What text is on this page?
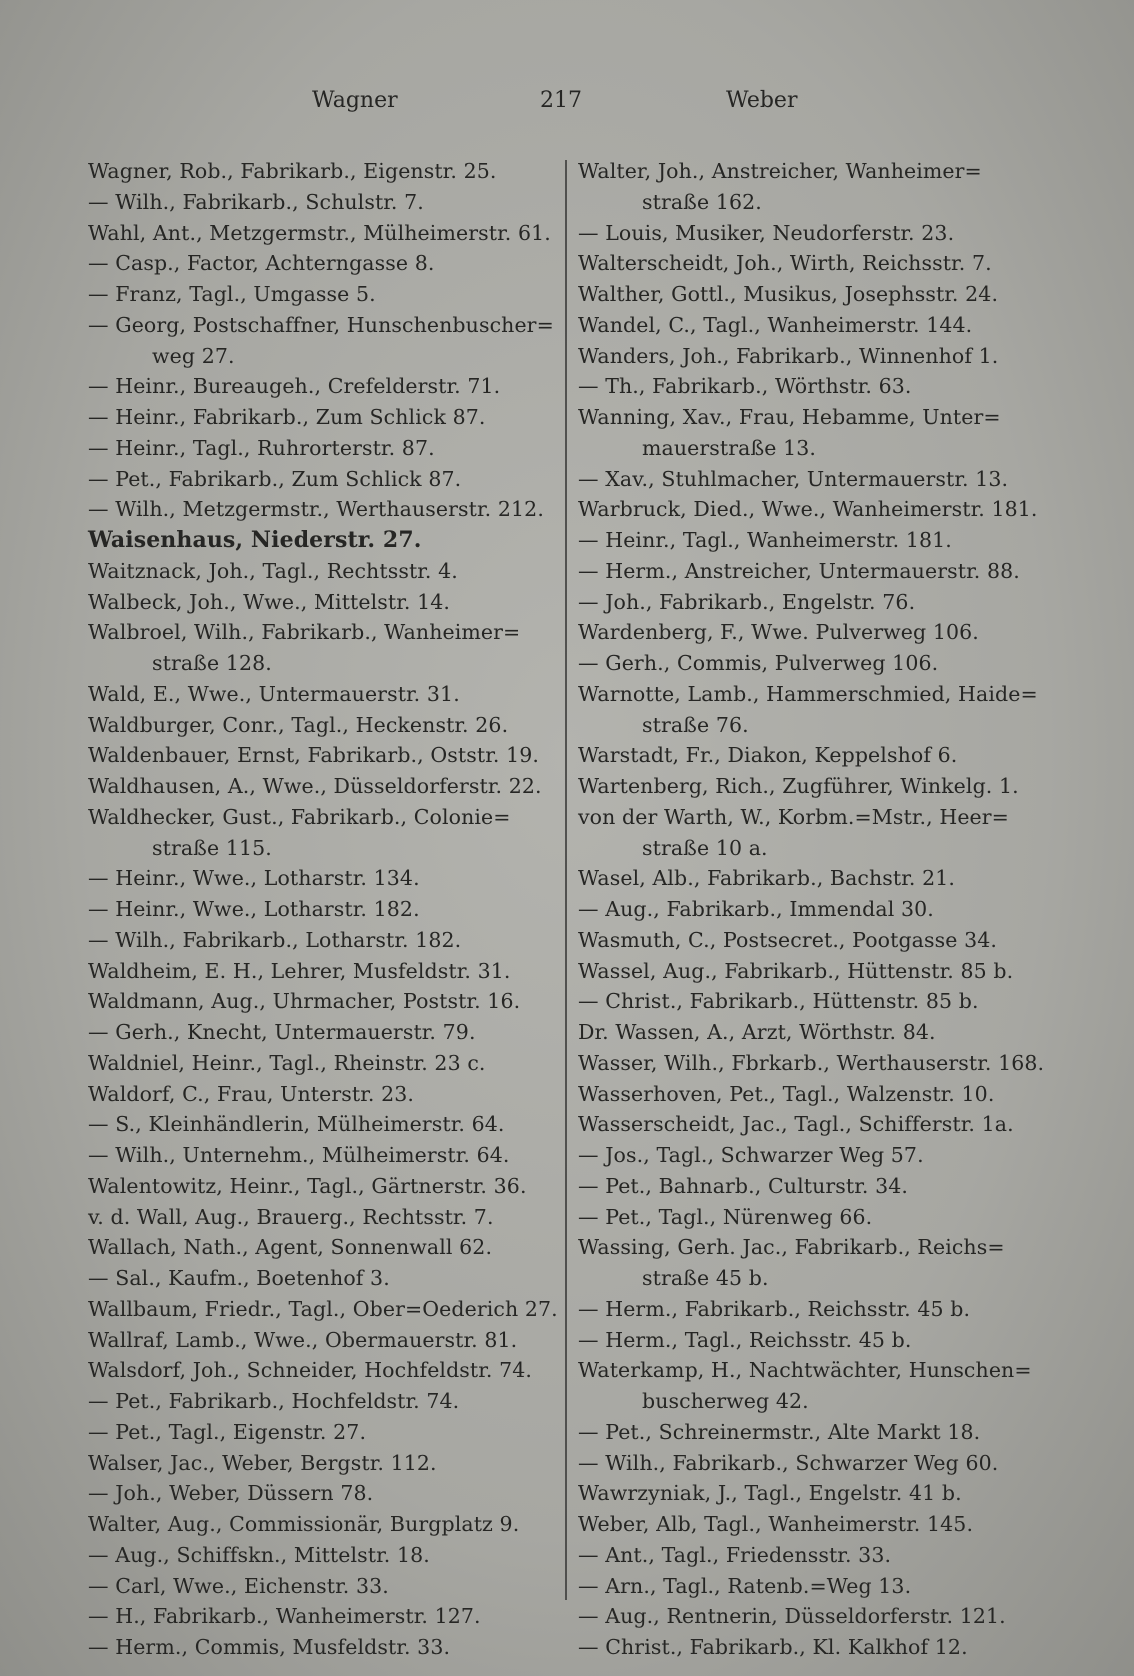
Wagner	217	Weber
Wagner, Rob., Fabrikarb., Eigenstr. 25.
— Wilh., Fabrikarb., Schulstr. 7.
Wahl, Ant., Metzgermstr., Mülheimerstr. 61.
— Casp., Factor, Achterngasse 8.
— Franz, Tagl., Umgasse 5.
— Georg, Postschaffner, Hunschenbuscher=
weg 27.
— Heinr., Bureaugeh., Crefelderstr. 71.
— Heinr., Fabrikarb., Zum Schlick 87.
— Heinr., Tagl., Ruhrorterstr. 87.
— Pet., Fabrikarb., Zum Schlick 87.
— Wilh., Metzgermstr., Werthauserstr. 212.
Waisenhaus, Niederstr. 27.
Waitznack, Joh., Tagl., Rechtsstr. 4.
Walbeck, Joh., Wwe., Mittelstr. 14.
Walbroel, Wilh., Fabrikarb., Wanheimer=
straße 128.
Wald, E., Wwe., Untermauerstr. 31.
Waldburger, Conr., Tagl., Heckenstr. 26.
Waldenbauer, Ernst, Fabrikarb., Oststr. 19.
Waldhausen, A., Wwe., Düsseldorferstr. 22.
Waldhecker, Gust., Fabrikarb., Colonie=
straße 115.
— Heinr., Wwe., Lotharstr. 134.
— Heinr., Wwe., Lotharstr. 182.
— Wilh., Fabrikarb., Lotharstr. 182.
Waldheim, E. H., Lehrer, Musfeldstr. 31.
Waldmann, Aug., Uhrmacher, Poststr. 16.
— Gerh., Knecht, Untermauerstr. 79.
Waldniel, Heinr., Tagl., Rheinstr. 23 c.
Waldorf, C., Frau, Unterstr. 23.
— S., Kleinhändlerin, Mülheimerstr. 64.
— Wilh., Unternehm., Mülheimerstr. 64.
Walentowitz, Heinr., Tagl., Gärtnerstr. 36.
v. d. Wall, Aug., Brauerg., Rechtsstr. 7.
Wallach, Nath., Agent, Sonnenwall 62.
— Sal., Kaufm., Boetenhof 3.
Wallbaum, Friedr., Tagl., Ober=Oederich 27.
Wallraf, Lamb., Wwe., Obermauerstr. 81.
Walsdorf, Joh., Schneider, Hochfeldstr. 74.
— Pet., Fabrikarb., Hochfeldstr. 74.
— Pet., Tagl., Eigenstr. 27.
Walser, Jac., Weber, Bergstr. 112.
— Joh., Weber, Düssern 78.
Walter, Aug., Commissionär, Burgplatz 9.
— Aug., Schiffskn., Mittelstr. 18.
— Carl, Wwe., Eichenstr. 33.
— H., Fabrikarb., Wanheimerstr. 127.
— Herm., Commis, Musfeldstr. 33.
Walter, Joh., Anstreicher, Wanheimer=
straße 162.
— Louis, Musiker, Neudorferstr. 23.
Walterscheidt, Joh., Wirth, Reichsstr. 7.
Walther, Gottl., Musikus, Josephsstr. 24.
Wandel, C., Tagl., Wanheimerstr. 144.
Wanders, Joh., Fabrikarb., Winnenhof 1.
— Th., Fabrikarb., Wörthstr. 63.
Wanning, Xav., Frau, Hebamme, Unter=
mauerstraße 13.
— Xav., Stuhlmacher, Untermauerstr. 13.
Warbruck, Died., Wwe., Wanheimerstr. 181.
— Heinr., Tagl., Wanheimerstr. 181.
— Herm., Anstreicher, Untermauerstr. 88.
— Joh., Fabrikarb., Engelstr. 76.
Wardenberg, F., Wwe. Pulverweg 106.
— Gerh., Commis, Pulverweg 106.
Warnotte, Lamb., Hammerschmied, Haide=
straße 76.
Warstadt, Fr., Diakon, Keppelshof 6.
Wartenberg, Rich., Zugführer, Winkelg. 1.
von der Warth, W., Korbm.=Mstr., Heer=
straße 10 a.
Wasel, Alb., Fabrikarb., Bachstr. 21.
— Aug., Fabrikarb., Immendal 30.
Wasmuth, C., Postsecret., Pootgasse 34.
Wassel, Aug., Fabrikarb., Hüttenstr. 85 b.
— Christ., Fabrikarb., Hüttenstr. 85 b.
Dr. Wassen, A., Arzt, Wörthstr. 84.
Wasser, Wilh., Fbrkarb., Werthauserstr. 168.
Wasserhoven, Pet., Tagl., Walzenstr. 10.
Wasserscheidt, Jac., Tagl., Schifferstr. 1a.
— Jos., Tagl., Schwarzer Weg 57.
— Pet., Bahnarb., Culturstr. 34.
— Pet., Tagl., Nürenweg 66.
Wassing, Gerh. Jac., Fabrikarb., Reichs=
straße 45 b.
— Herm., Fabrikarb., Reichsstr. 45 b.
— Herm., Tagl., Reichsstr. 45 b.
Waterkamp, H., Nachtwächter, Hunschen=
buscherweg 42.
— Pet., Schreinermstr., Alte Markt 18.
— Wilh., Fabrikarb., Schwarzer Weg 60.
Wawrzyniak, J., Tagl., Engelstr. 41 b.
Weber, Alb, Tagl., Wanheimerstr. 145.
— Ant., Tagl., Friedensstr. 33.
— Arn., Tagl., Ratenb.=Weg 13.
— Aug., Rentnerin, Düsseldorferstr. 121.
— Christ., Fabrikarb., Kl. Kalkhof 12.
